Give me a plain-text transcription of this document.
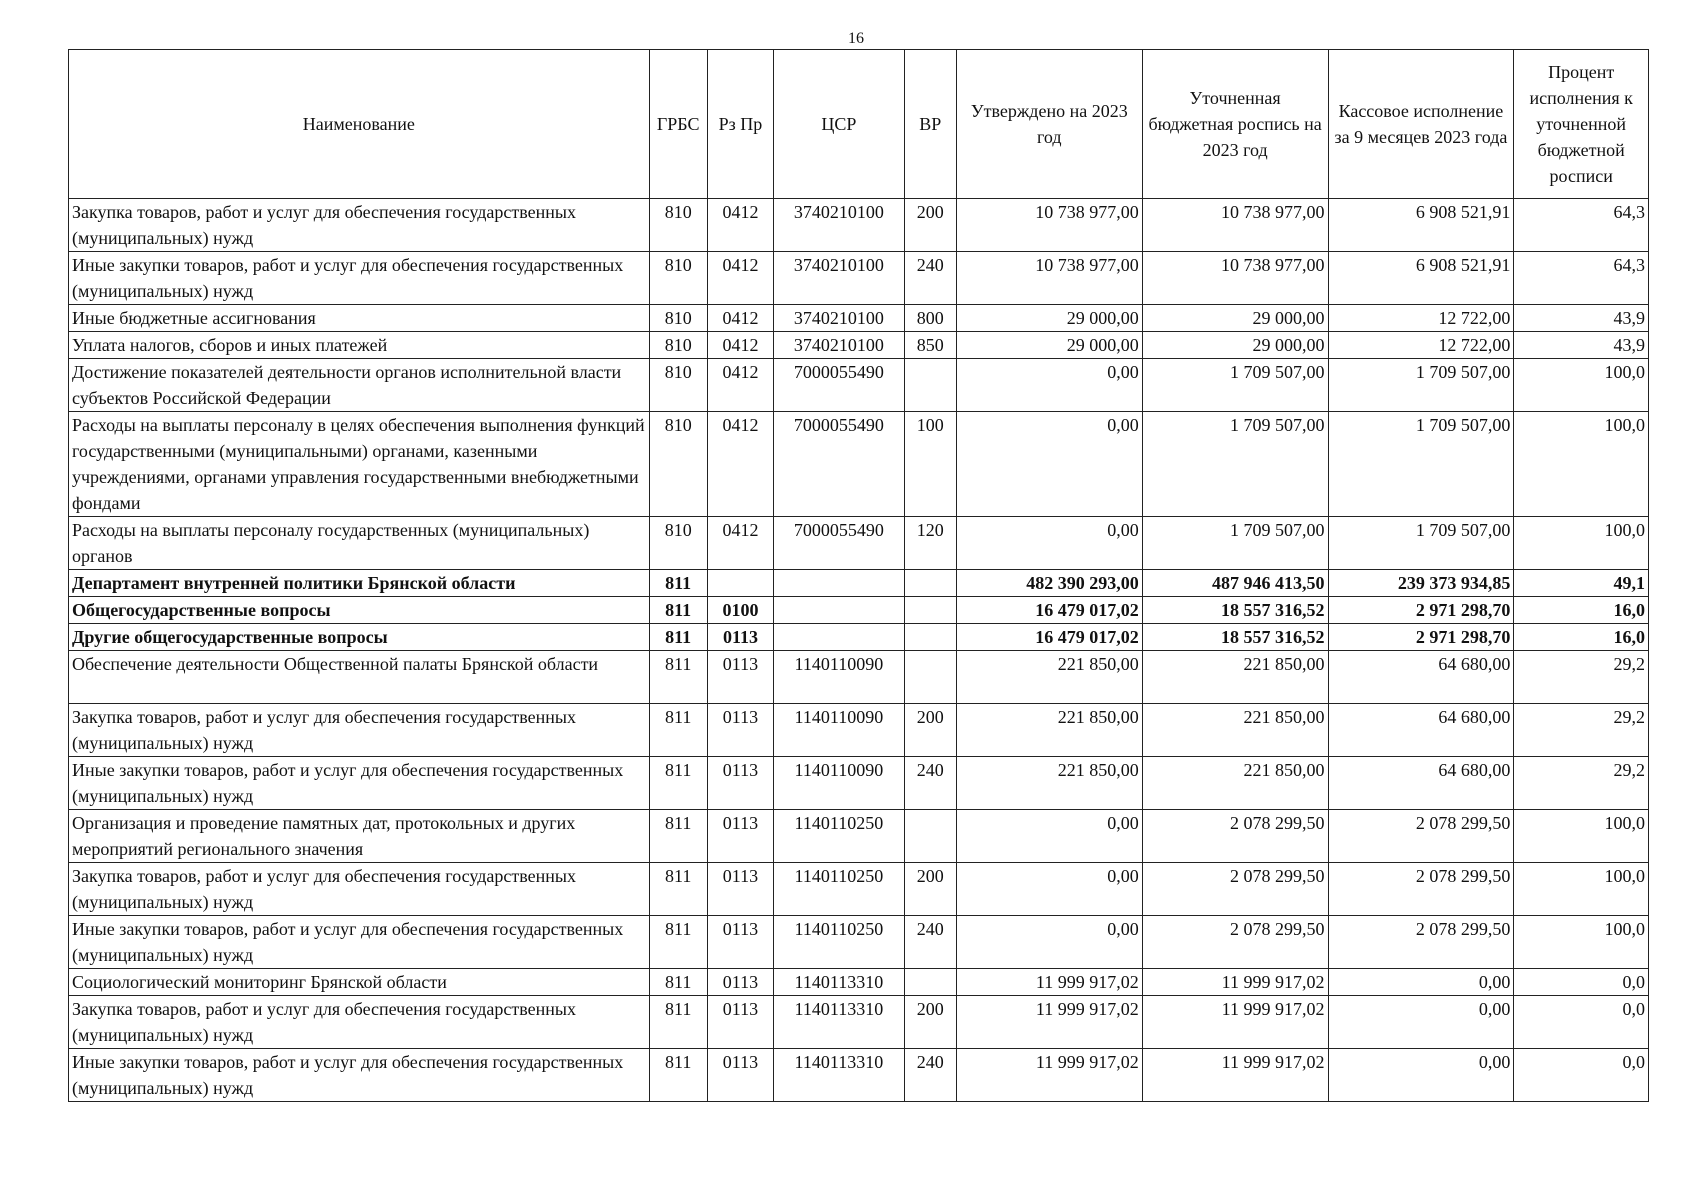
16
Наименование	ГРБС	Рз Пр	ЦСР	ВР	Утверждено на 2023 год	Уточненная бюджетная роспись на 2023 год	Кассовое исполнение за 9 месяцев 2023 года	Процент исполнения к уточненной бюджетной росписи
Закупка товаров, работ и услуг для обеспечения государственных (муниципальных) нужд	810	0412	3740210100	200	10 738 977,00	10 738 977,00	6 908 521,91	64,3
Иные закупки товаров, работ и услуг для обеспечения государственных (муниципальных) нужд	810	0412	3740210100	240	10 738 977,00	10 738 977,00	6 908 521,91	64,3
Иные бюджетные ассигнования	810	0412	3740210100	800	29 000,00	29 000,00	12 722,00	43,9
Уплата налогов, сборов и иных платежей	810	0412	3740210100	850	29 000,00	29 000,00	12 722,00	43,9
Достижение показателей деятельности органов исполнительной власти субъектов Российской Федерации	810	0412	7000055490		0,00	1 709 507,00	1 709 507,00	100,0
Расходы на выплаты персоналу в целях обеспечения выполнения функций государственными (муниципальными) органами, казенными учреждениями, органами управления государственными внебюджетными фондами	810	0412	7000055490	100	0,00	1 709 507,00	1 709 507,00	100,0
Расходы на выплаты персоналу государственных (муниципальных) органов	810	0412	7000055490	120	0,00	1 709 507,00	1 709 507,00	100,0
Департамент внутренней политики Брянской области	811				482 390 293,00	487 946 413,50	239 373 934,85	49,1
Общегосударственные вопросы	811	0100			16 479 017,02	18 557 316,52	2 971 298,70	16,0
Другие общегосударственные вопросы	811	0113			16 479 017,02	18 557 316,52	2 971 298,70	16,0
Обеспечение деятельности Общественной палаты Брянской области	811	0113	1140110090		221 850,00	221 850,00	64 680,00	29,2
Закупка товаров, работ и услуг для обеспечения государственных (муниципальных) нужд	811	0113	1140110090	200	221 850,00	221 850,00	64 680,00	29,2
Иные закупки товаров, работ и услуг для обеспечения государственных (муниципальных) нужд	811	0113	1140110090	240	221 850,00	221 850,00	64 680,00	29,2
Организация и проведение памятных дат, протокольных и других мероприятий регионального значения	811	0113	1140110250		0,00	2 078 299,50	2 078 299,50	100,0
Закупка товаров, работ и услуг для обеспечения государственных (муниципальных) нужд	811	0113	1140110250	200	0,00	2 078 299,50	2 078 299,50	100,0
Иные закупки товаров, работ и услуг для обеспечения государственных (муниципальных) нужд	811	0113	1140110250	240	0,00	2 078 299,50	2 078 299,50	100,0
Социологический мониторинг Брянской области	811	0113	1140113310		11 999 917,02	11 999 917,02	0,00	0,0
Закупка товаров, работ и услуг для обеспечения государственных (муниципальных) нужд	811	0113	1140113310	200	11 999 917,02	11 999 917,02	0,00	0,0
Иные закупки товаров, работ и услуг для обеспечения государственных (муниципальных) нужд	811	0113	1140113310	240	11 999 917,02	11 999 917,02	0,00	0,0
